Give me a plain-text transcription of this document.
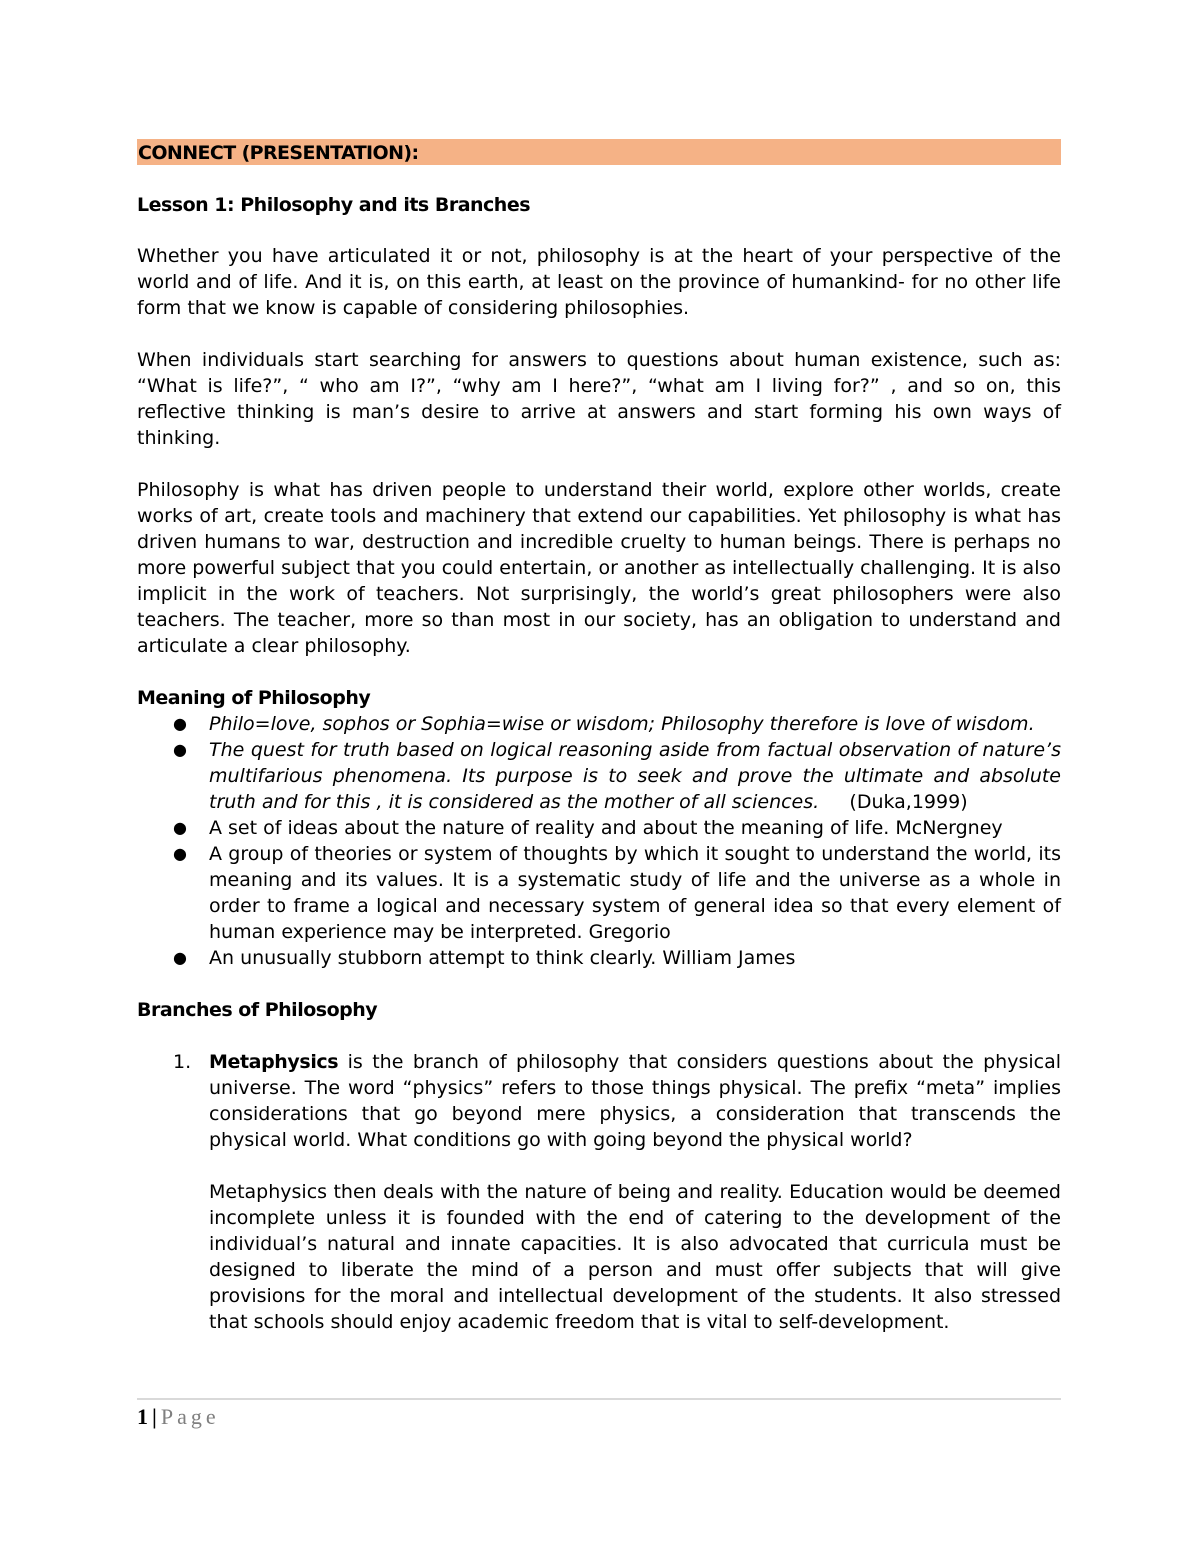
CONNECT (PRESENTATION):
Lesson 1: Philosophy and its Branches

Whether you have articulated it or not, philosophy is at the heart of your perspective of the world and of life. And it is, on this earth, at least on the province of humankind- for no other life form that we know is capable of considering philosophies.

When individuals start searching for answers to questions about human existence, such as: “What is life?”, “ who am I?”, “why am I here?”, “what am I living for?” , and so on, this reflective thinking is man’s desire to arrive at answers and start forming his own ways of thinking.

Philosophy is what has driven people to understand their world, explore other worlds, create works of art, create tools and machinery that extend our capabilities. Yet philosophy is what has driven humans to war, destruction and incredible cruelty to human beings. There is perhaps no more powerful subject that you could entertain, or another as intellectually challenging. It is also implicit in the work of teachers. Not surprisingly, the world’s great philosophers were also teachers. The teacher, more so than most in our society, has an obligation to understand and articulate a clear philosophy.

Meaning of Philosophy
● Philo=love, sophos or Sophia=wise or wisdom; Philosophy therefore is love of wisdom.
● The quest for truth based on logical reasoning aside from factual observation of nature’s multifarious phenomena. Its purpose is to seek and prove the ultimate and absolute truth and for this , it is considered as the mother of all sciences.     (Duka,1999)
● A set of ideas about the nature of reality and about the meaning of life. McNergney
● A group of theories or system of thoughts by which it sought to understand the world, its meaning and its values. It is a systematic study of life and the universe as a whole in order to frame a logical and necessary system of general idea so that every element of human experience may be interpreted. Gregorio
● An unusually stubborn attempt to think clearly. William James
Branches of Philosophy
1. Metaphysics is the branch of philosophy that considers questions about the physical universe. The word “physics” refers to those things physical. The prefix “meta” implies considerations that go beyond mere physics, a consideration that transcends the physical world. What conditions go with going beyond the physical world?

Metaphysics then deals with the nature of being and reality. Education would be deemed incomplete unless it is founded with the end of catering to the development of the individual’s natural and innate capacities. It is also advocated that curricula must be designed to liberate the mind of a person and must offer subjects that will give provisions for the moral and intellectual development of the students. It also stressed that schools should enjoy academic freedom that is vital to self-development.

1 | Page
